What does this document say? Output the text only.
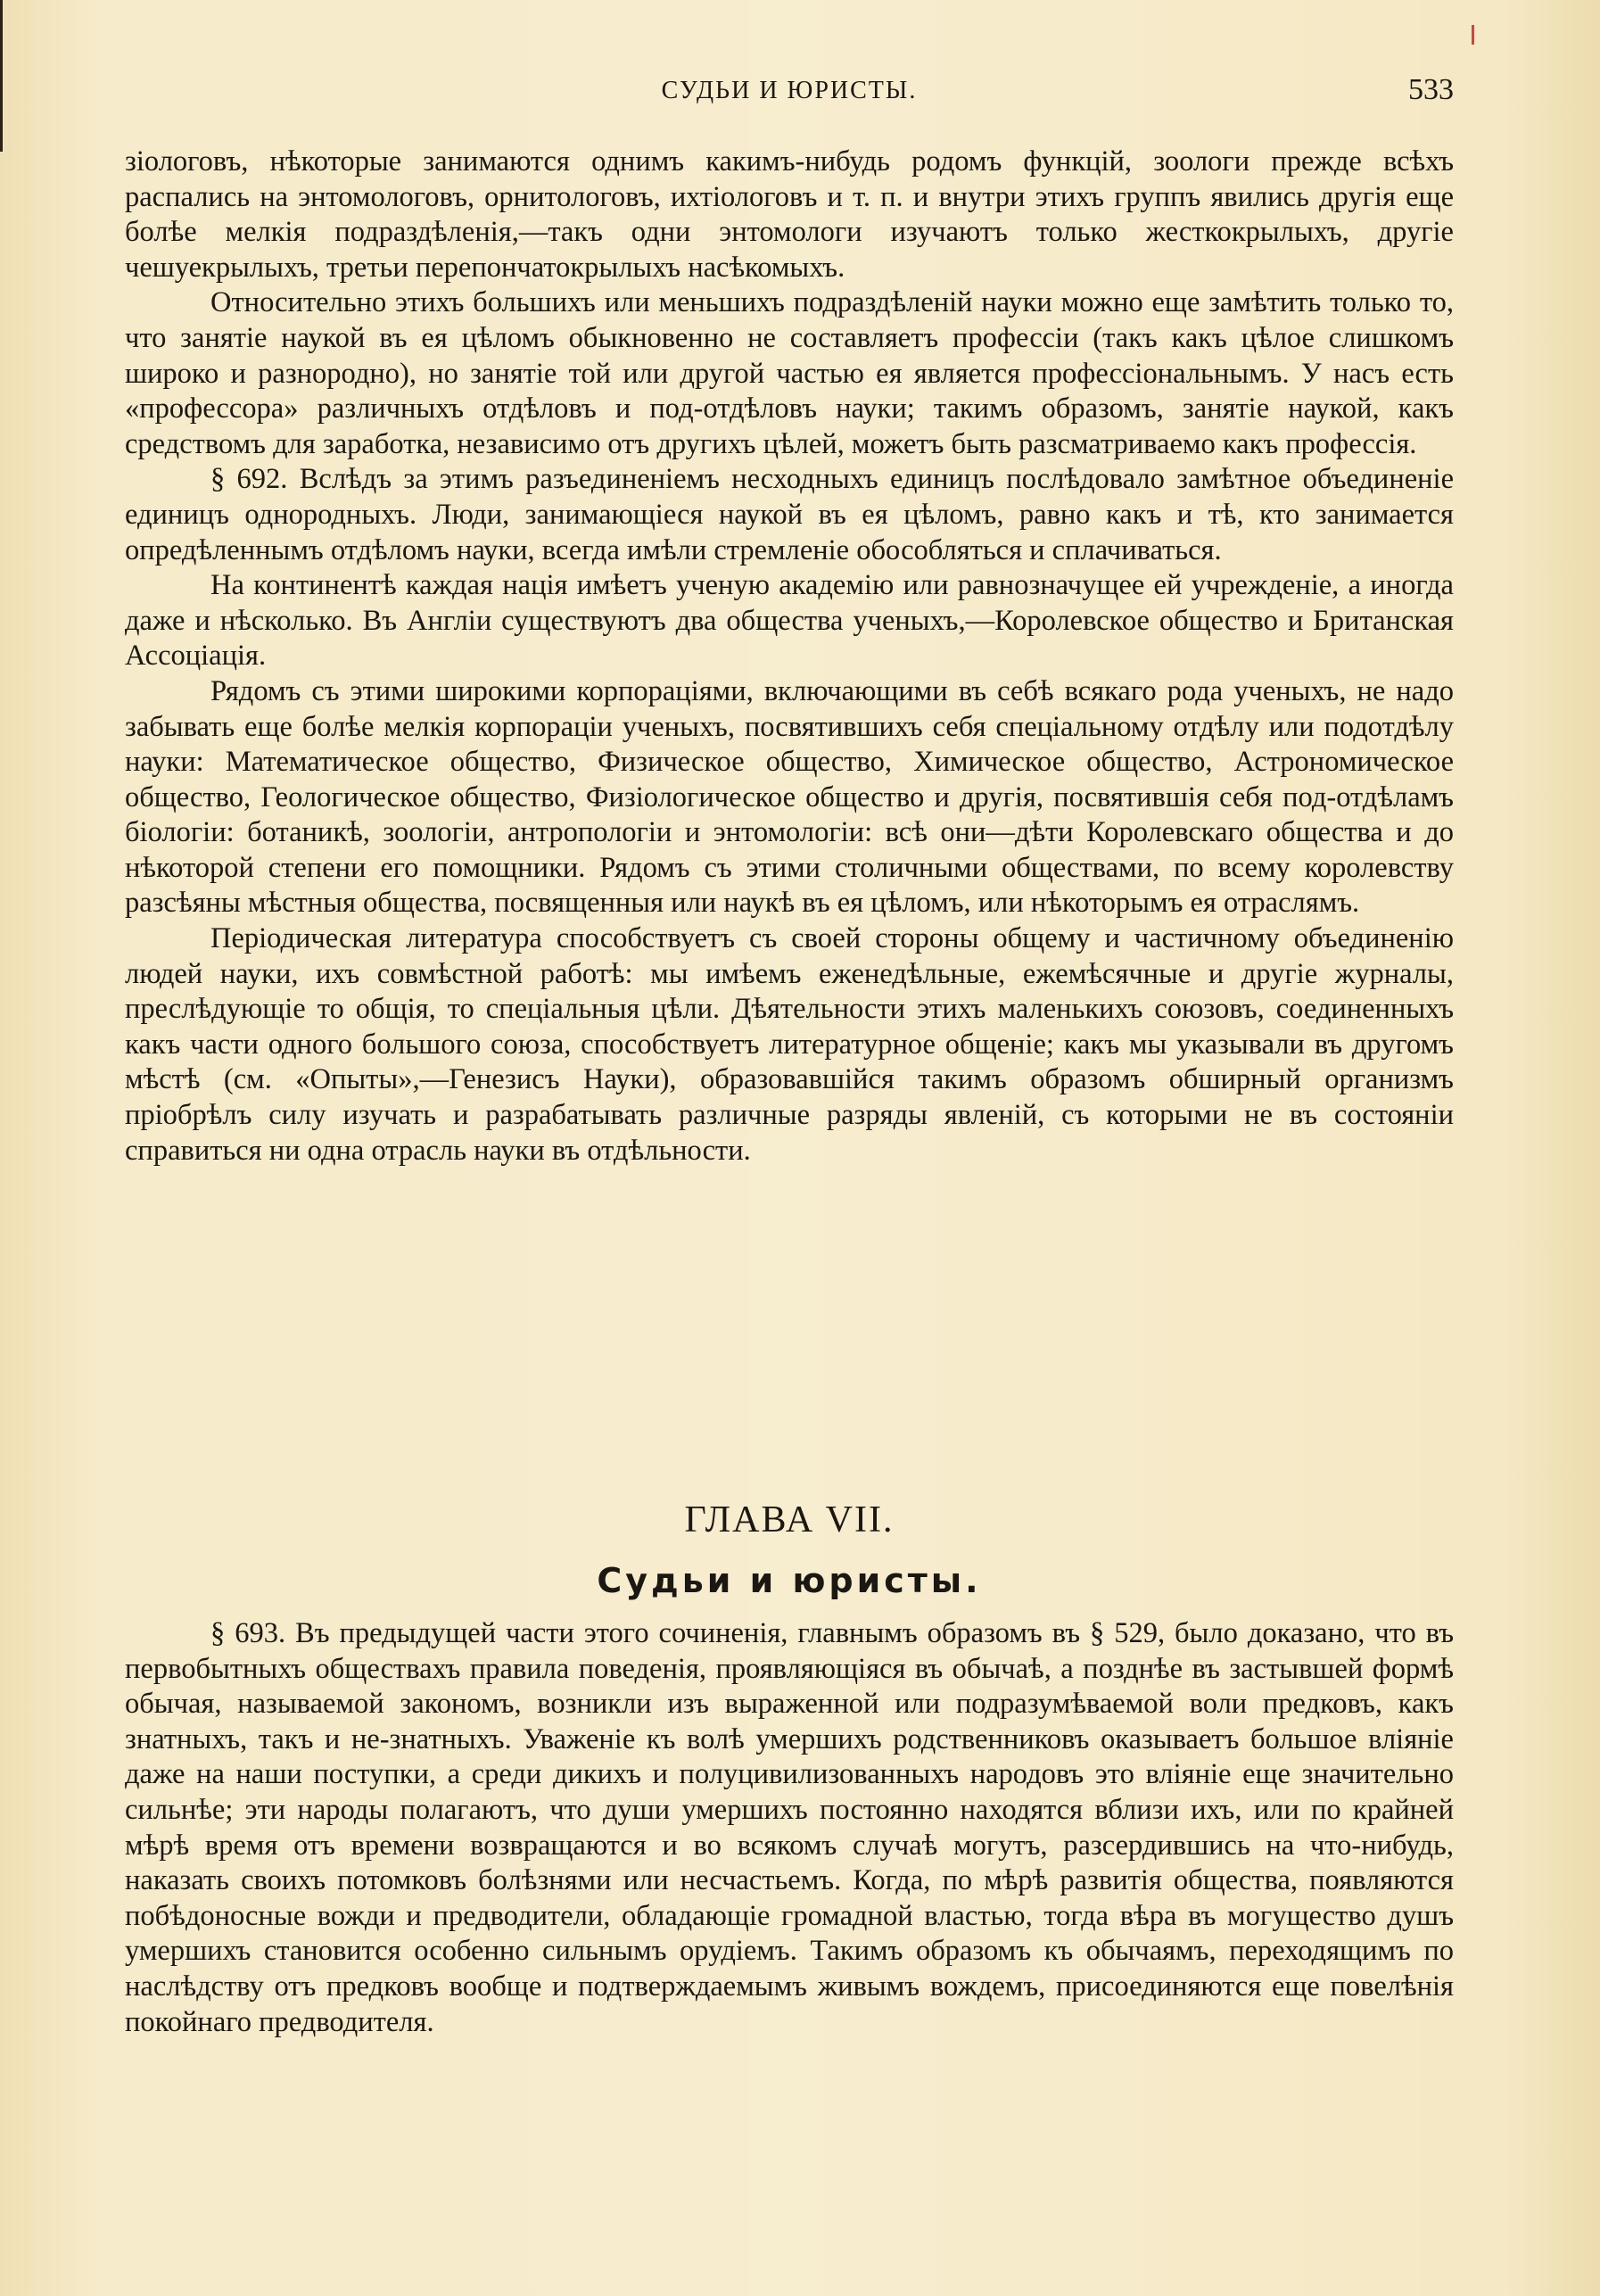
СУДЬИ И ЮРИСТЫ.	533

зіологовъ, нѣкоторые занимаются однимъ какимъ-нибудь родомъ функцій, зоологи прежде всѣхъ распались на энтомологовъ, орнитологовъ, ихтіологовъ и т. п. и внутри этихъ группъ явились другія еще болѣе мелкія подраздѣленія,—такъ одни энтомологи изучаютъ только жесткокрылыхъ, другіе чешуекрылыхъ, третьи перепончатокрылыхъ насѣкомыхъ.

Относительно этихъ большихъ или меньшихъ подраздѣленій науки можно еще замѣтить только то, что занятіе наукой въ ея цѣломъ обыкновенно не составляетъ профессіи (такъ какъ цѣлое слишкомъ широко и разнородно), но занятіе той или другой частью ея является профессіональнымъ. У насъ есть «профессора» различныхъ отдѣловъ и под-отдѣловъ науки; такимъ образомъ, занятіе наукой, какъ средствомъ для заработка, независимо отъ другихъ цѣлей, можетъ быть разсматриваемо какъ профессія.

§ 692. Вслѣдъ за этимъ разъединеніемъ несходныхъ единицъ послѣдовало замѣтное объединеніе единицъ однородныхъ. Люди, занимающіеся наукой въ ея цѣломъ, равно какъ и тѣ, кто занимается опредѣленнымъ отдѣломъ науки, всегда имѣли стремленіе обособляться и сплачиваться.

На континентѣ каждая нація имѣетъ ученую академію или равнозначущее ей учрежденіе, а иногда даже и нѣсколько. Въ Англіи существуютъ два общества ученыхъ,—Королевское общество и Британская Ассоціація.

Рядомъ съ этими широкими корпораціями, включающими въ себѣ всякаго рода ученыхъ, не надо забывать еще болѣе мелкія корпораціи ученыхъ, посвятившихъ себя спеціальному отдѣлу или подотдѣлу науки: Математическое общество, Физическое общество, Химическое общество, Астрономическое общество, Геологическое общество, Физіологическое общество и другія, посвятившія себя под-отдѣламъ біологіи: ботаникѣ, зоологіи, антропологіи и энтомологіи: всѣ они—дѣти Королевскаго общества и до нѣкоторой степени его помощники. Рядомъ съ этими столичными обществами, по всему королевству разсѣяны мѣстныя общества, посвященныя или наукѣ въ ея цѣломъ, или нѣкоторымъ ея отраслямъ.

Періодическая литература способствуетъ съ своей стороны общему и частичному объединенію людей науки, ихъ совмѣстной работѣ: мы имѣемъ еженедѣльные, ежемѣсячные и другіе журналы, преслѣдующіе то общія, то спеціальныя цѣли. Дѣятельности этихъ маленькихъ союзовъ, соединенныхъ какъ части одного большого союза, способствуетъ литературное общеніе; какъ мы указывали въ другомъ мѣстѣ (см. «Опыты»,—Генезисъ Науки), образовавшійся такимъ образомъ обширный организмъ пріобрѣлъ силу изучать и разрабатывать различные разряды явленій, съ которыми не въ состояніи справиться ни одна отрасль науки въ отдѣльности.

ГЛАВА VII.
Судьи и юристы.

§ 693. Въ предыдущей части этого сочиненія, главнымъ образомъ въ § 529, было доказано, что въ первобытныхъ обществахъ правила поведенія, проявляющіяся въ обычаѣ, а позднѣе въ застывшей формѣ обычая, называемой закономъ, возникли изъ выраженной или подразумѣваемой воли предковъ, какъ знатныхъ, такъ и не-знатныхъ. Уваженіе къ волѣ умершихъ родственниковъ оказываетъ большое вліяніе даже на наши поступки, а среди дикихъ и полуцивилизованныхъ народовъ это вліяніе еще значительно сильнѣе; эти народы полагаютъ, что души умершихъ постоянно находятся вблизи ихъ, или по крайней мѣрѣ время отъ времени возвращаются и во всякомъ случаѣ могутъ, разсердившись на что-нибудь, наказать своихъ потомковъ болѣзнями или несчастьемъ. Когда, по мѣрѣ развитія общества, появляются побѣдоносные вожди и предводители, обладающіе громадной властью, тогда вѣра въ могущество душъ умершихъ становится особенно сильнымъ орудіемъ. Такимъ образомъ къ обычаямъ, переходящимъ по наслѣдству отъ предковъ вообще и подтверждаемымъ живымъ вождемъ, присоединяются еще повелѣнія покойнаго предводителя.
